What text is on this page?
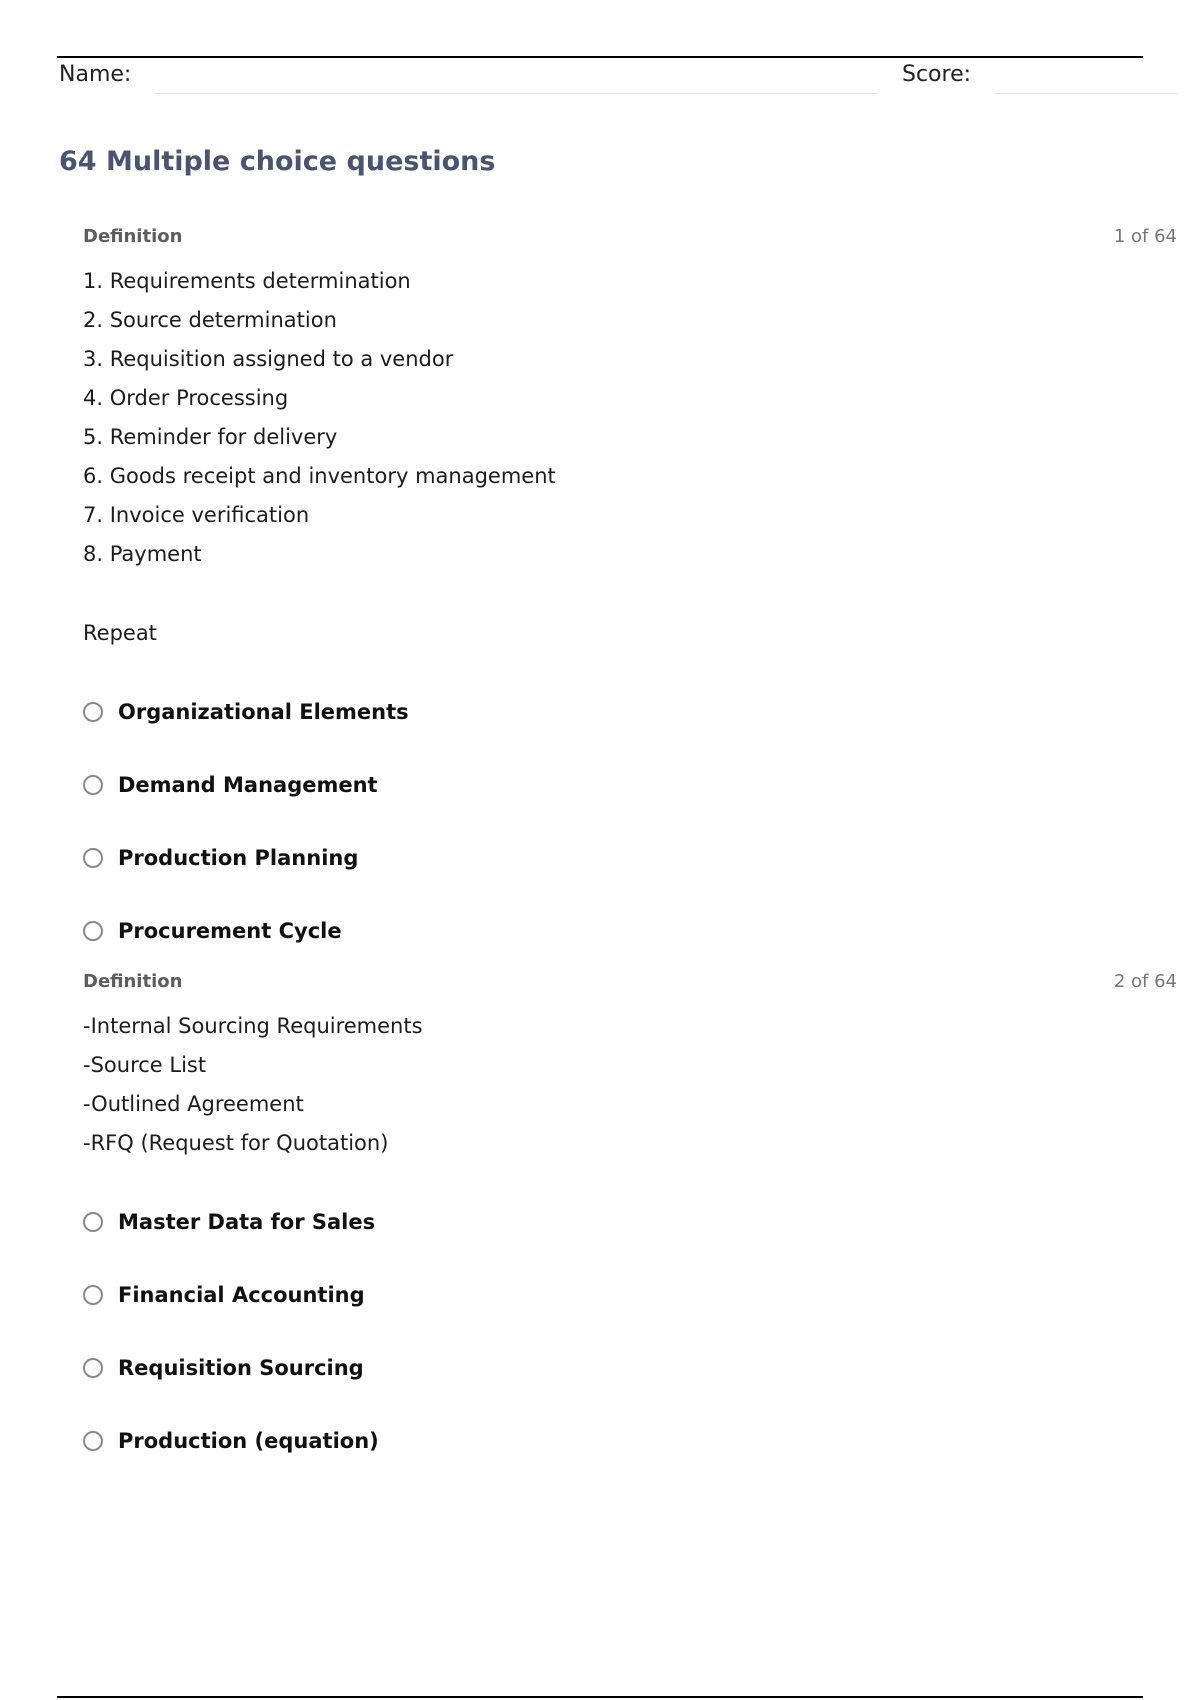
Name:	Score:
64 Multiple choice questions
Definition	1 of 64
1. Requirements determination
2. Source determination
3. Requisition assigned to a vendor
4. Order Processing
5. Reminder for delivery
6. Goods receipt and inventory management
7. Invoice verification
8. Payment
Repeat
Organizational Elements
Demand Management
Production Planning
Procurement Cycle
Definition	2 of 64
-Internal Sourcing Requirements
-Source List
-Outlined Agreement
-RFQ (Request for Quotation)
Master Data for Sales
Financial Accounting
Requisition Sourcing
Production (equation)
